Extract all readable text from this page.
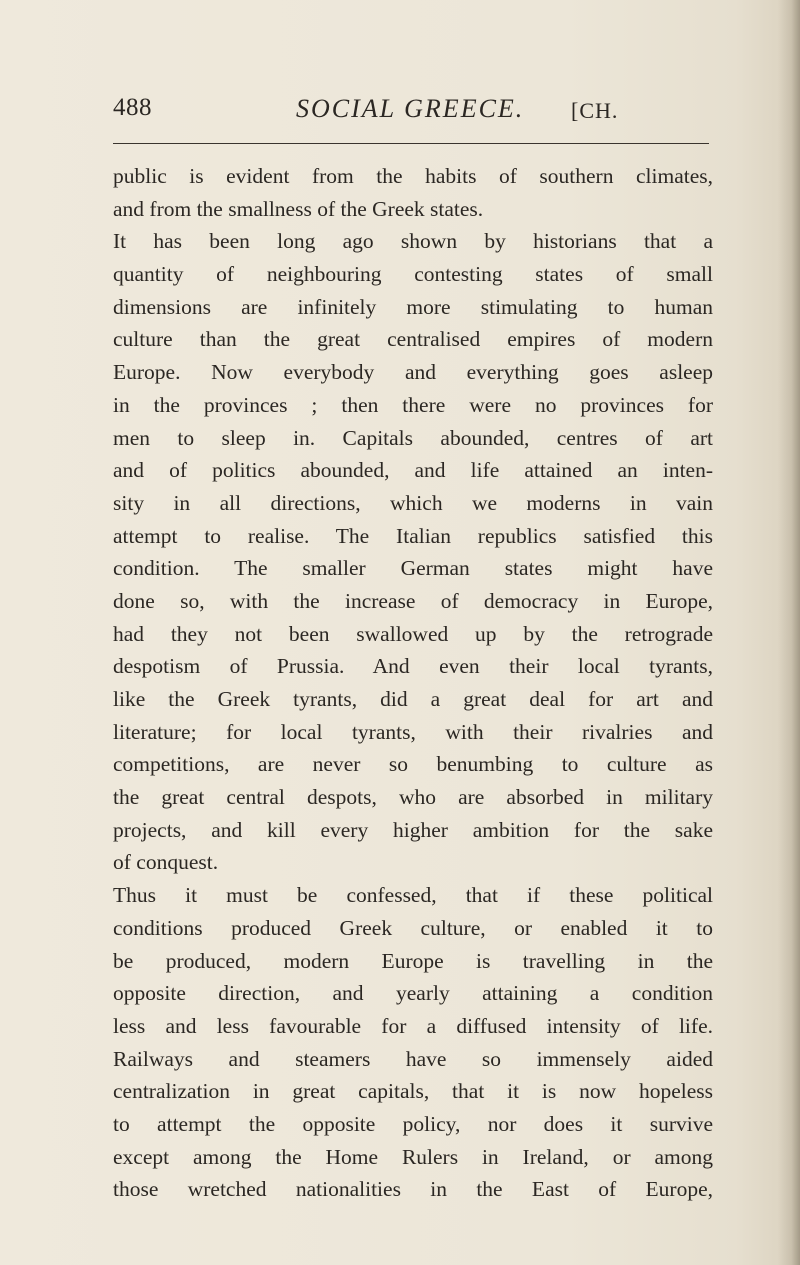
488	SOCIAL GREECE. [CH.
public is evident from the habits of southern climates,
and from the smallness of the Greek states.
It has been long ago shown by historians that a
quantity of neighbouring contesting states of small
dimensions are infinitely more stimulating to human
culture than the great centralised empires of modern
Europe. Now everybody and everything goes asleep
in the provinces ; then there were no provinces for
men to sleep in. Capitals abounded, centres of art
and of politics abounded, and life attained an inten-
sity in all directions, which we moderns in vain
attempt to realise. The Italian republics satisfied this
condition. The smaller German states might have
done so, with the increase of democracy in Europe,
had they not been swallowed up by the retrograde
despotism of Prussia. And even their local tyrants,
like the Greek tyrants, did a great deal for art and
literature; for local tyrants, with their rivalries and
competitions, are never so benumbing to culture as
the great central despots, who are absorbed in military
projects, and kill every higher ambition for the sake
of conquest.
Thus it must be confessed, that if these political
conditions produced Greek culture, or enabled it to
be produced, modern Europe is travelling in the
opposite direction, and yearly attaining a condition
less and less favourable for a diffused intensity of life.
Railways and steamers have so immensely aided
centralization in great capitals, that it is now hopeless
to attempt the opposite policy, nor does it survive
except among the Home Rulers in Ireland, or among
those wretched nationalities in the East of Europe,
